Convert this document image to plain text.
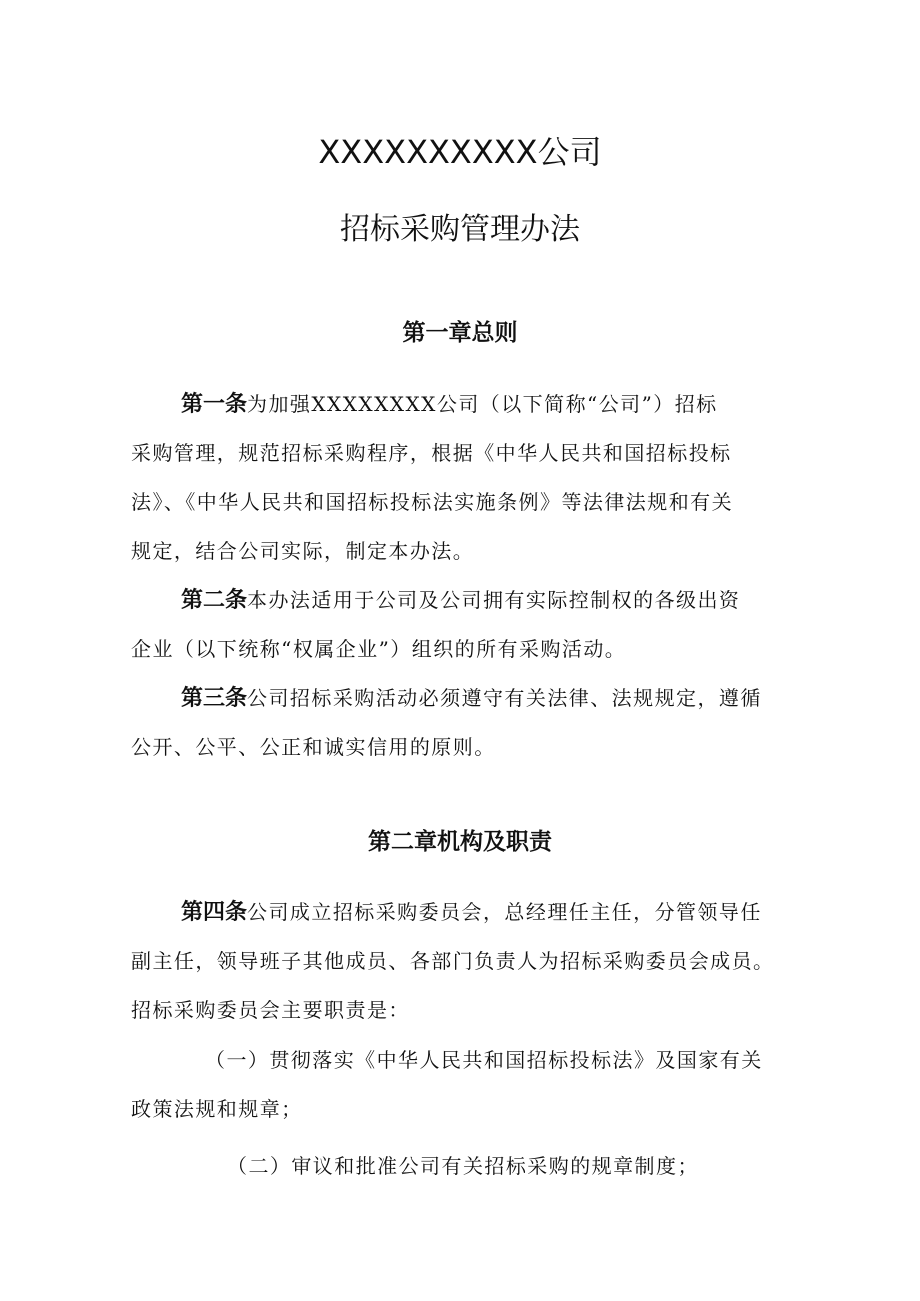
XXXXXXXXXX公司
招标采购管理办法
第一章总则
第一条为加强XXXXXXXX公司（以下简称“公司”）招标
采购管理，规范招标采购程序，根据《中华人民共和国招标投标
法》、《中华人民共和国招标投标法实施条例》等法律法规和有关
规定，结合公司实际，制定本办法。
第二条本办法适用于公司及公司拥有实际控制权的各级出资
企业（以下统称“权属企业”）组织的所有采购活动。
第三条公司招标采购活动必须遵守有关法律、法规规定，遵循
公开、公平、公正和诚实信用的原则。
第二章机构及职责
第四条公司成立招标采购委员会，总经理任主任，分管领导任
副主任，领导班子其他成员、各部门负责人为招标采购委员会成员。
招标采购委员会主要职责是：
（一）贯彻落实《中华人民共和国招标投标法》及国家有关
政策法规和规章；
（二）审议和批准公司有关招标采购的规章制度；
